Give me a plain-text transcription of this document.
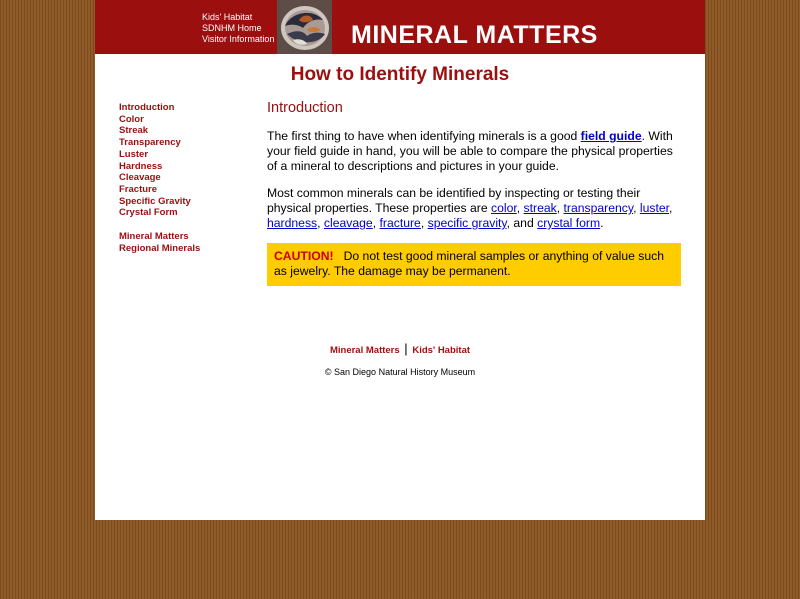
Kids' Habitat
SDNHM Home
Visitor Information	MINERAL MATTERS
How to Identify Minerals
Introduction
Color
Streak
Transparency
Luster
Hardness
Cleavage
Fracture
Specific Gravity
Crystal Form
Mineral Matters
Regional Minerals
Introduction

The first thing to have when identifying minerals is a good field guide. With your field guide in hand, you will be able to compare the physical properties of a mineral to descriptions and pictures in your guide.

Most common minerals can be identified by inspecting or testing their physical properties. These properties are color, streak, transparency, luster, hardness, cleavage, fracture, specific gravity, and crystal form.

CAUTION! Do not test good mineral samples or anything of value such as jewelry. The damage may be permanent.
Mineral Matters | Kids' Habitat
© San Diego Natural History Museum
